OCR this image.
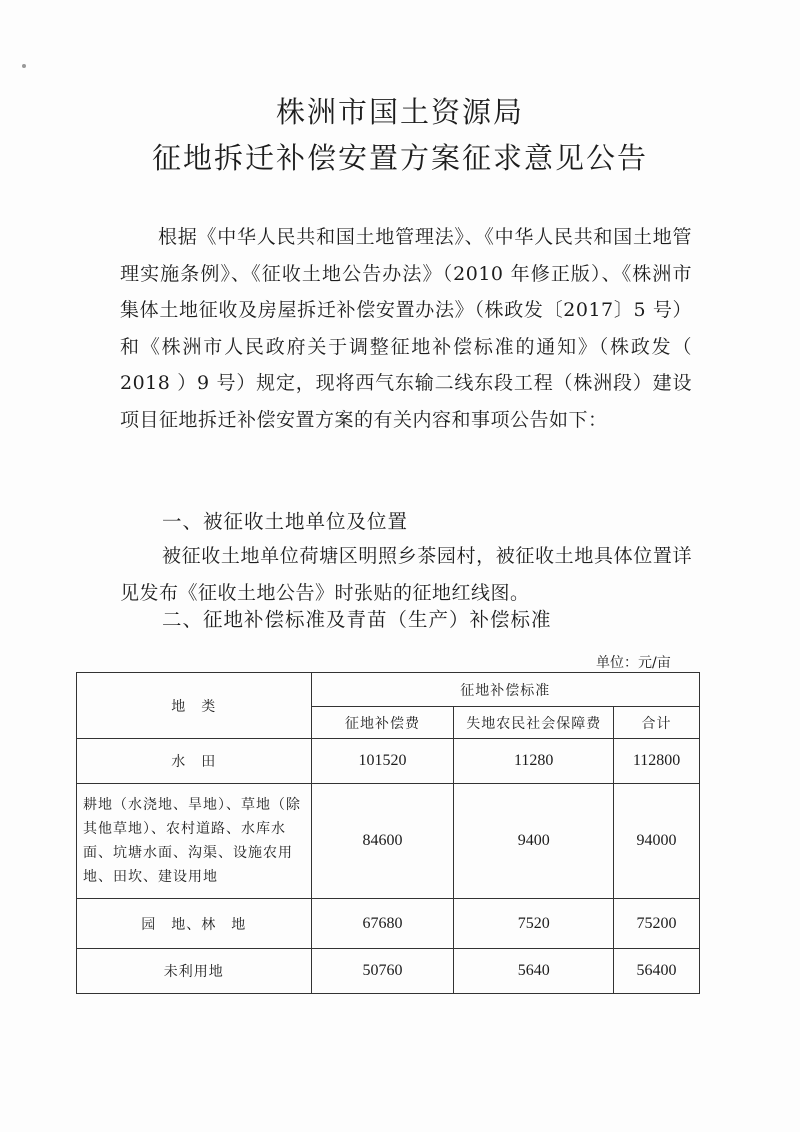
株洲市国土资源局
征地拆迁补偿安置方案征求意见公告
根据《中华人民共和国土地管理法》、《中华人民共和国土地管理实施条例》、《征收土地公告办法》（2010 年修正版）、《株洲市集体土地征收及房屋拆迁补偿安置办法》（株政发〔2017〕5 号）和《株洲市人民政府关于调整征地补偿标准的通知》（株政发（ 2018 ）9 号）规定，现将西气东输二线东段工程（株洲段）建设项目征地拆迁补偿安置方案的有关内容和事项公告如下：
一、被征收土地单位及位置
被征收土地单位荷塘区明照乡茶园村，被征收土地具体位置详见发布《征收土地公告》时张贴的征地红线图。
二、征地补偿标准及青苗（生产）补偿标准
单位：元/亩
地　类	征地补偿标准		
	征地补偿费	失地农民社会保障费	合计
水　田	101520	11280	112800
耕地（水浇地、旱地）、草地（除其他草地）、农村道路、水库水面、坑塘水面、沟渠、设施农用地、田坎、建设用地	84600	9400	94000
园　地、林　地	67680	7520	75200
未利用地	50760	5640	56400
